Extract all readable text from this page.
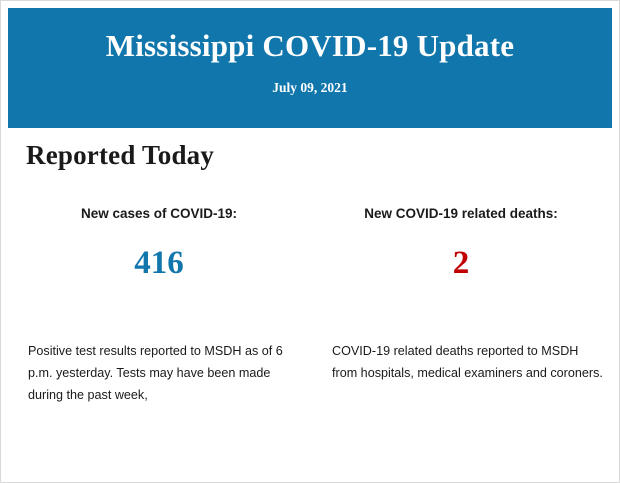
Mississippi COVID-19 Update

July 09, 2021

Reported Today

New cases of COVID-19:

416

New COVID-19 related deaths:

2

Positive test results reported to MSDH as of 6 p.m. yesterday. Tests may have been made during the past week,

COVID-19 related deaths reported to MSDH from hospitals, medical examiners and coroners.
